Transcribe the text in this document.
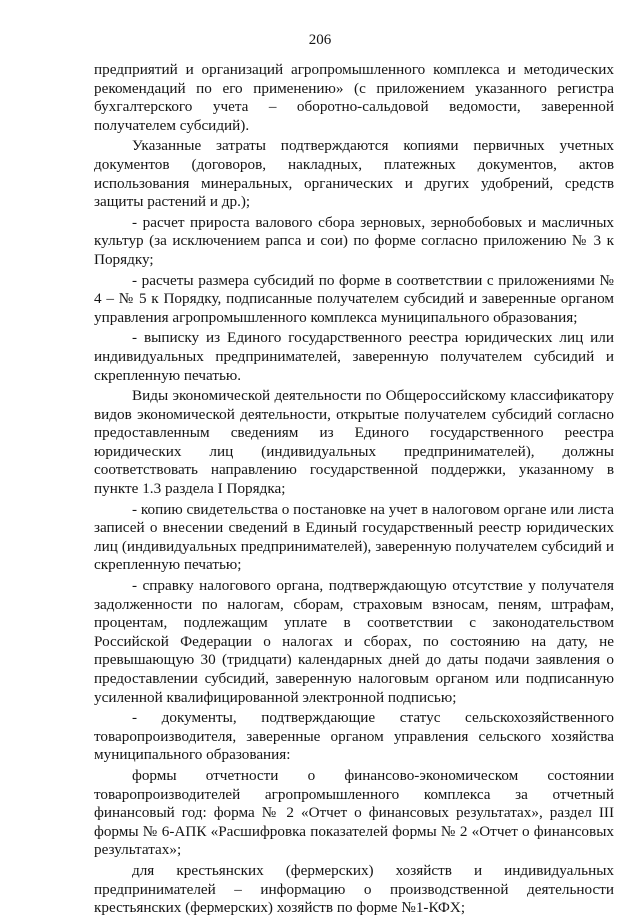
206

предприятий и организаций агропромышленного комплекса и методических рекомендаций по его применению» (с приложением указанного регистра бухгалтерского учета – оборотно-сальдовой ведомости, заверенной получателем субсидий).

Указанные затраты подтверждаются копиями первичных учетных документов (договоров, накладных, платежных документов, актов использования минеральных, органических и других удобрений, средств защиты растений и др.);

- расчет прироста валового сбора зерновых, зернобобовых и масличных культур (за исключением рапса и сои) по форме согласно приложению № 3 к Порядку;

- расчеты размера субсидий по форме в соответствии с приложениями № 4 – № 5 к Порядку, подписанные получателем субсидий и заверенные органом управления агропромышленного комплекса муниципального образования;

- выписку из Единого государственного реестра юридических лиц или индивидуальных предпринимателей, заверенную получателем субсидий и скрепленную печатью.

Виды экономической деятельности по Общероссийскому классификатору видов экономической деятельности, открытые получателем субсидий согласно предоставленным сведениям из Единого государственного реестра юридических лиц (индивидуальных предпринимателей), должны соответствовать направлению государственной поддержки, указанному в пункте 1.3 раздела I Порядка;

- копию свидетельства о постановке на учет в налоговом органе или листа записей о внесении сведений в Единый государственный реестр юридических лиц (индивидуальных предпринимателей), заверенную получателем субсидий и скрепленную печатью;

- справку налогового органа, подтверждающую отсутствие у получателя задолженности по налогам, сборам, страховым взносам, пеням, штрафам, процентам, подлежащим уплате в соответствии с законодательством Российской Федерации о налогах и сборах, по состоянию на дату, не превышающую 30 (тридцати) календарных дней до даты подачи заявления о предоставлении субсидий, заверенную налоговым органом или подписанную усиленной квалифицированной электронной подписью;

- документы, подтверждающие статус сельскохозяйственного товаропроизводителя, заверенные органом управления сельского хозяйства муниципального образования:

формы отчетности о финансово-экономическом состоянии товаропроизводителей агропромышленного комплекса за отчетный финансовый год: форма № 2 «Отчет о финансовых результатах», раздел III формы № 6-АПК «Расшифровка показателей формы № 2 «Отчет о финансовых результатах»;

для крестьянских (фермерских) хозяйств и индивидуальных предпринимателей – информацию о производственной деятельности крестьянских (фермерских) хозяйств по форме №1-КФХ;
